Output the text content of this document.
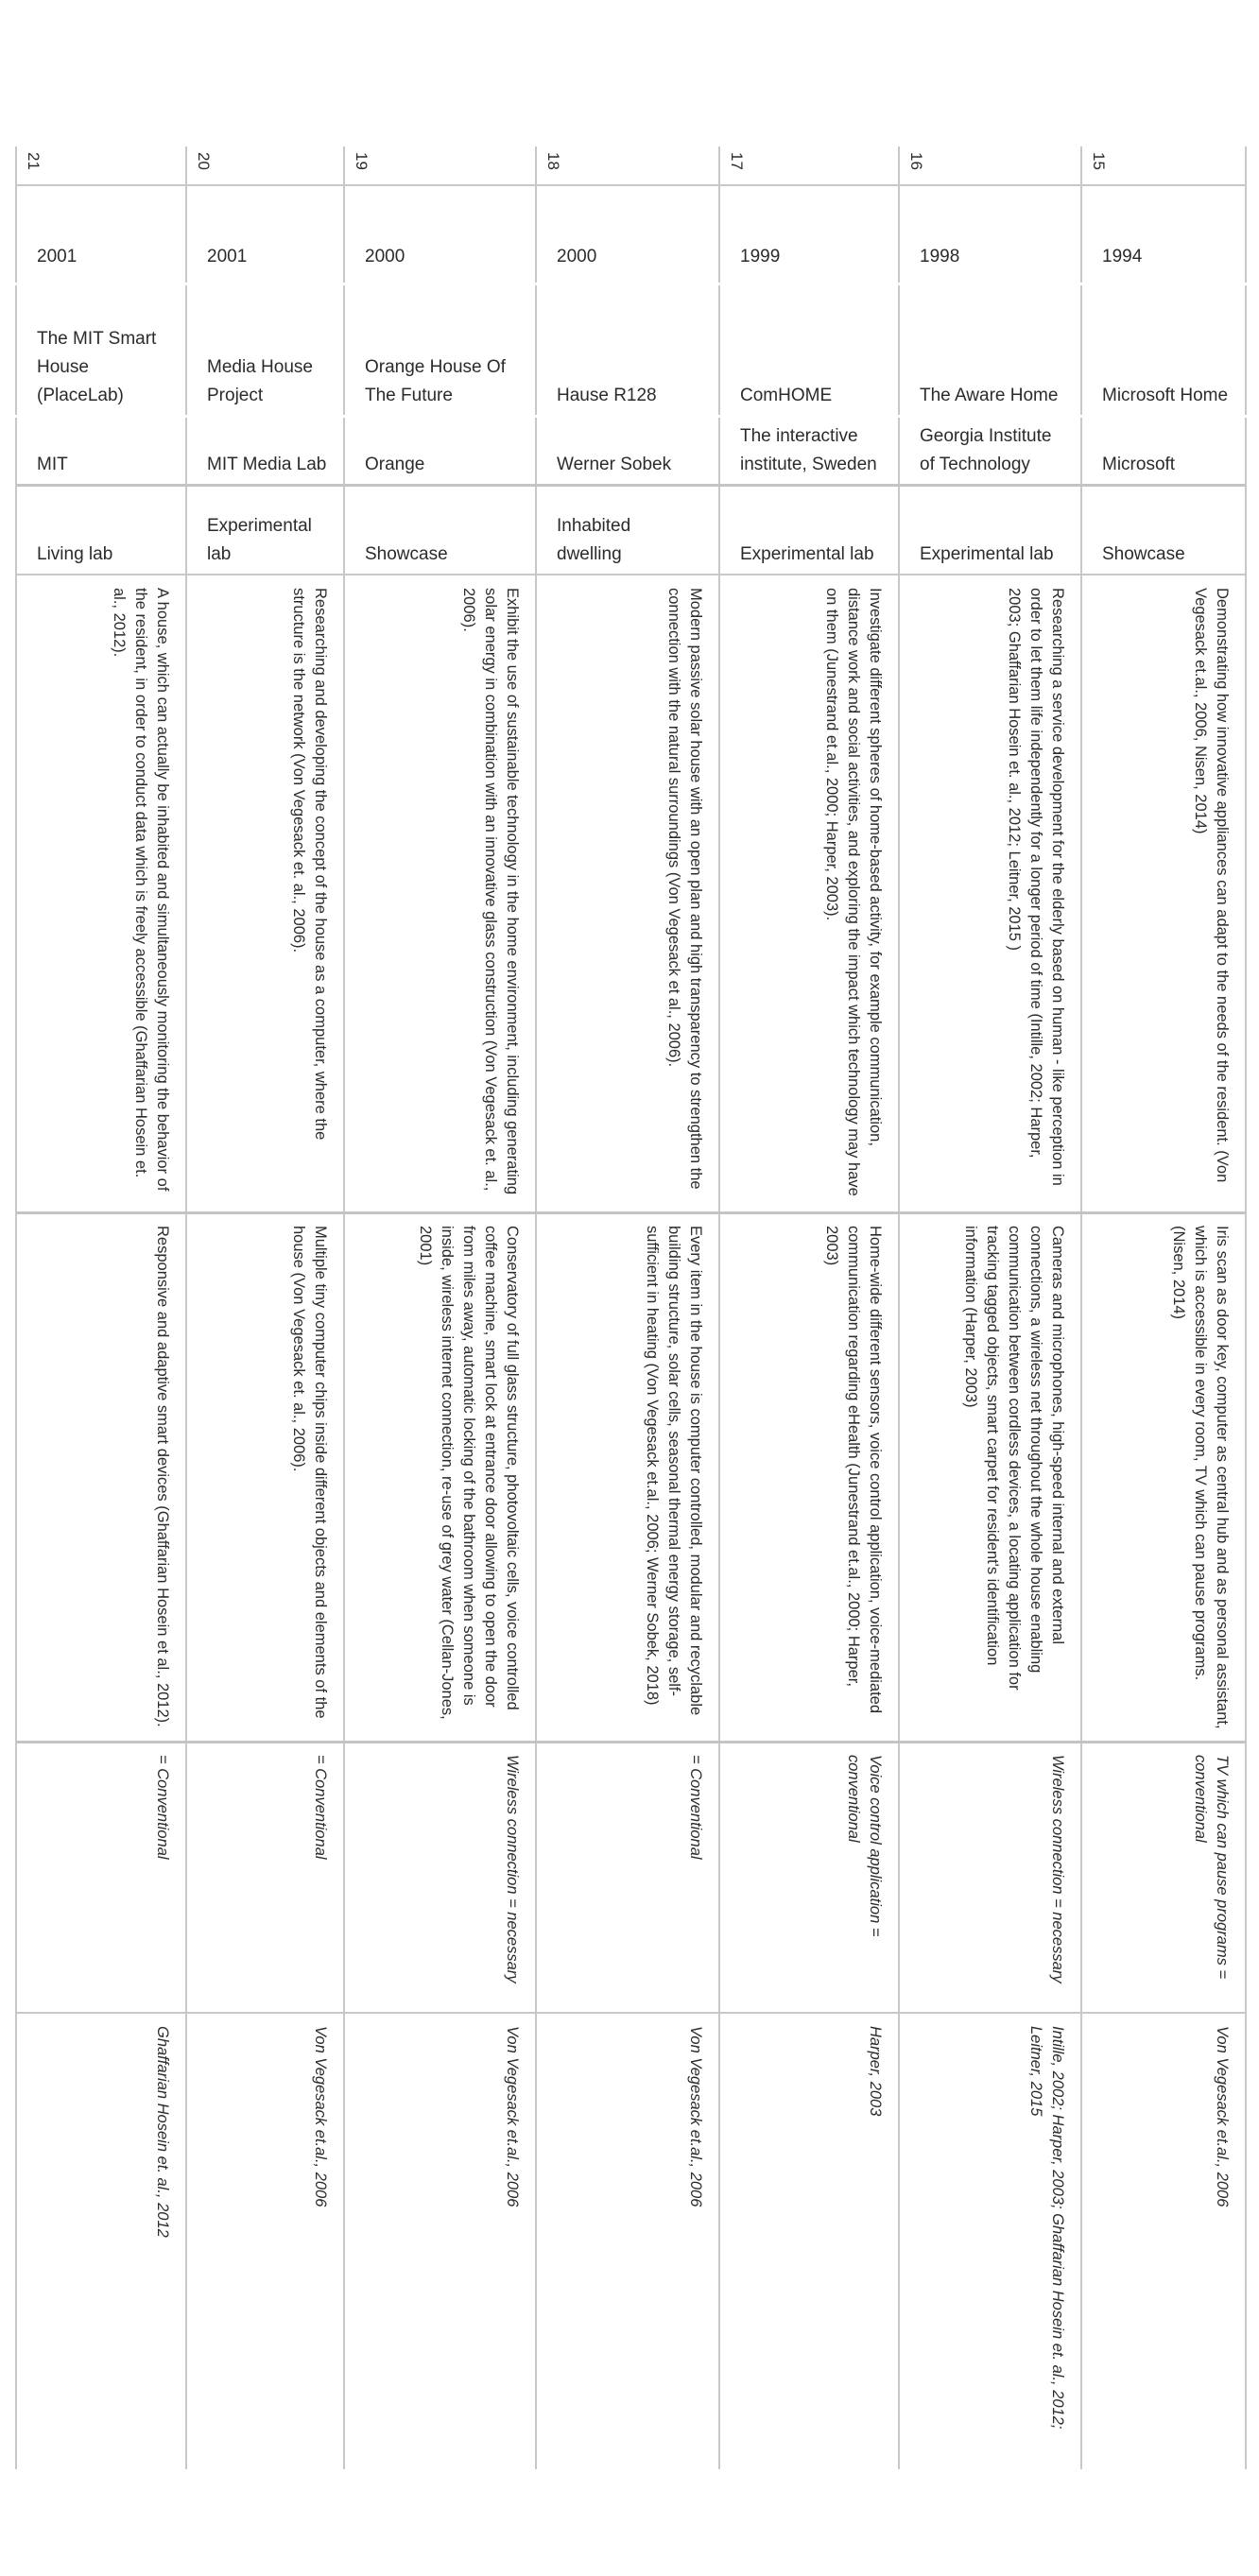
21
2001
The MIT Smart House (PlaceLab)
MIT
Living lab
A house, which can actually be inhabited and simultaneously monitoring the behavior of the resident, in order to conduct data which is freely accessible (Ghaffarian Hosein et. al., 2012).
Responsive and adaptive smart devices (Ghaffarian Hosein et al., 2012).
= Conventional
Ghaffarian Hosein et. al., 2012
20
2001
Media House Project
MIT Media Lab
Experimental lab
Researching and developing the concept of the house as a computer, where the structure is the network (Von Vegesack et. al., 2006).
Multiple tiny computer chips inside different objects and elements of the house (Von Vegesack et. al., 2006).
= Conventional
Von Vegesack et.al., 2006
19
2000
Orange House Of The Future
Orange
Showcase
Exhibit the use of sustainable technology in the home environment, including generating solar energy in combination with an innovative glass construction (Von Vegesack et. al., 2006).
Conservatory of full glass structure, photovoltaic cells, voice controlled coffee machine, smart lock at entrance door allowing to open the door from miles away, automatic locking of the bathroom when someone is inside, wireless internet connection, re-use of grey water (Cellan-Jones, 2001)
Wireless connection = necessary
Von Vegesack et.al., 2006
18
2000
Hause R128
Werner Sobek
Inhabited dwelling
Modern passive solar house with an open plan and high transparency to strengthen the connection with the natural surroundings (Von Vegesack et al., 2006).
Every item in the house is computer controlled, modular and recyclable building structure, solar cells, seasonal thermal energy storage, self-sufficient in heating (Von Vegesack et.al., 2006; Werner Sobek, 2018)
= Conventional
Von Vegesack et.al., 2006
17
1999
ComHOME
The interactive institute, Sweden
Experimental lab
Investigate different spheres of home-based activity, for example communication, distance work and social activities, and exploring the impact which technology may have on them (Junestrand et.al., 2000; Harper, 2003).
Home-wide different sensors, voice control application, voice-mediated communication regarding eHealth (Junestrand et.al., 2000; Harper, 2003)
Voice control application = conventional
Harper, 2003
16
1998
The Aware Home
Georgia Institute of Technology
Experimental lab
Researching a service development for the elderly based on human - like perception in order to let them life independently for a longer period of time (Intille, 2002; Harper, 2003; Ghaffarian Hosein et. al., 2012; Leitner, 2015 )
Cameras and microphones, high-speed internal and external connections, a wireless net throughout the whole house enabling communication between cordless devices, a locating application for tracking tagged objects, smart carpet for resident's identification information (Harper, 2003)
Wireless connection = necessary
Intille, 2002; Harper, 2003; Ghaffarian Hosein et. al., 2012; Leitner, 2015
15
1994
Microsoft Home
Microsoft
Showcase
Demonstrating how innovative appliances can adapt to the needs of the resident. (Von Vegesack et.al., 2006, Nisen, 2014)
Iris scan as door key, computer as central hub and as personal assistant, which is accessible in every room, TV which can pause programs. (Nisen, 2014)
TV which can pause programs = conventional
Von Vegesack et.al., 2006
